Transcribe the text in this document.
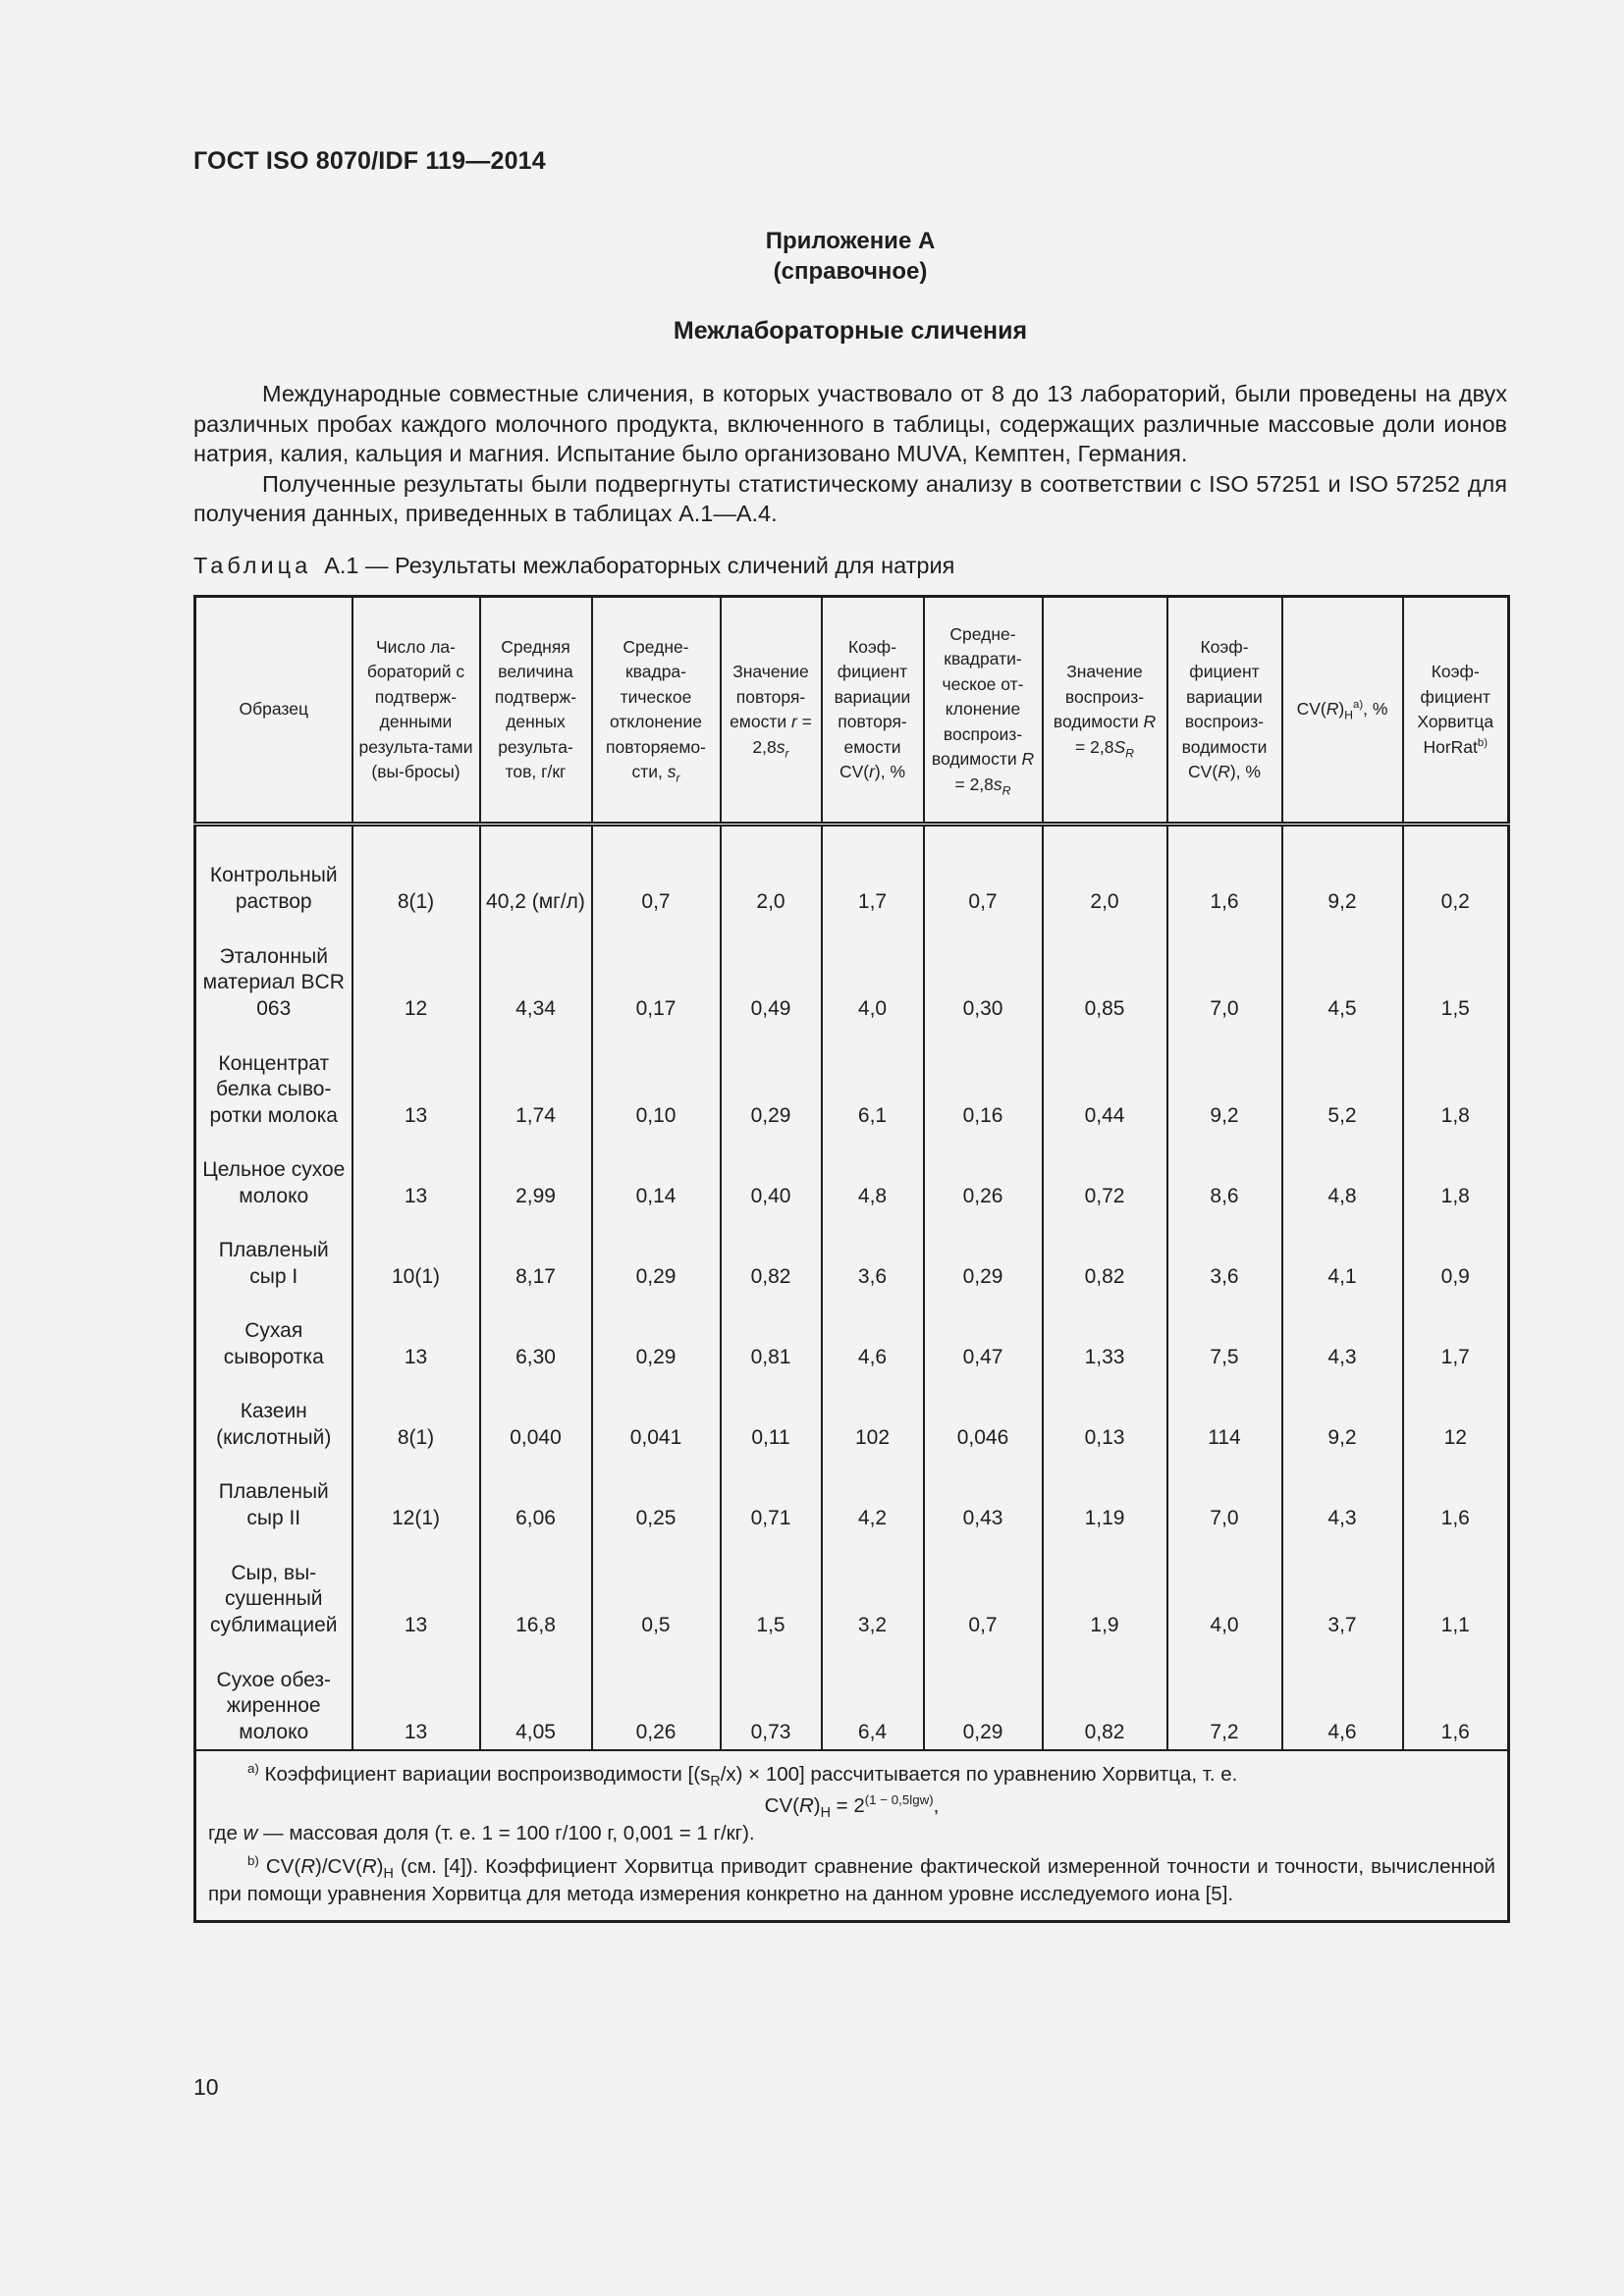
ГОСТ ISO 8070/IDF 119—2014
Приложение А
(справочное)
Межлабораторные сличения

Международные совместные сличения, в которых участвовало от 8 до 13 лабораторий, были проведены на двух различных пробах каждого молочного продукта, включенного в таблицы, содержащих различные массовые доли ионов натрия, калия, кальция и магния. Испытание было организовано MUVA, Кемптен, Германия.

Полученные результаты были подвергнуты статистическому анализу в соответствии с ISO 57251 и ISO 57252 для получения данных, приведенных в таблицах А.1—А.4.

Таблица А.1 — Результаты межлабораторных сличений для натрия
Образец	Число ла-бораторий с подтверж-денными результа-тами (вы-бросы)	Средняя величина подтверж-денных результа-тов, г/кг	Средне-квадра-тическое отклонение повторяемо-сти, $s_r$	Значение повторя-емости $r = 2,8s_r$	Коэф-фициент вариации повторя-емости CV(r), %	Средне-квадрати-ческое от-клонение воспроиз-водимости $R = 2,8s_R$	Значение воспроиз-водимости $R = 2,8S_R$	Коэф-фициент вариации воспроиз-водимости CV(R), %	$CV(R)_H^{a)}$, %	Коэф-фициент Хорвитца HorRat$^{b)}$
Контрольный раствор	8(1)	40,2 (мг/л)	0,7	2,0	1,7	0,7	2,0	1,6	9,2	0,2
Эталонный материал BCR 063	12	4,34	0,17	0,49	4,0	0,30	0,85	7,0	4,5	1,5
Концентрат белка сыво-ротки молока	13	1,74	0,10	0,29	6,1	0,16	0,44	9,2	5,2	1,8
Цельное сухое молоко	13	2,99	0,14	0,40	4,8	0,26	0,72	8,6	4,8	1,8
Плавленый сыр I	10(1)	8,17	0,29	0,82	3,6	0,29	0,82	3,6	4,1	0,9
Сухая сыворотка	13	6,30	0,29	0,81	4,6	0,47	1,33	7,5	4,3	1,7
Казеин (кислотный)	8(1)	0,040	0,041	0,11	102	0,046	0,13	114	9,2	12
Плавленый сыр II	12(1)	6,06	0,25	0,71	4,2	0,43	1,19	7,0	4,3	1,6
Сыр, вы-сушенный сублимацией	13	16,8	0,5	1,5	3,2	0,7	1,9	4,0	3,7	1,1
Сухое обез-жиренное молоко	13	4,05	0,26	0,73	6,4	0,29	0,82	7,2	4,6	1,6

$^{a)}$ Коэффициент вариации воспроизводимости $[(s_R/x) \times 100]$ рассчитывается по уравнению Хорвитца, т. е.

$CV(R)_H = 2^{(1 - 0,5lgw)}$,

где w — массовая доля (т. е. 1 = 100 г/100 г, 0,001 = 1 г/кг).

$^{b)}$ $CV(R)/CV(R)_H$ (см. [4]). Коэффициент Хорвитца приводит сравнение фактической измеренной точности и точности, вычисленной при помощи уравнения Хорвитца для метода измерения конкретно на данном уровне исследуемого иона [5].										

10
